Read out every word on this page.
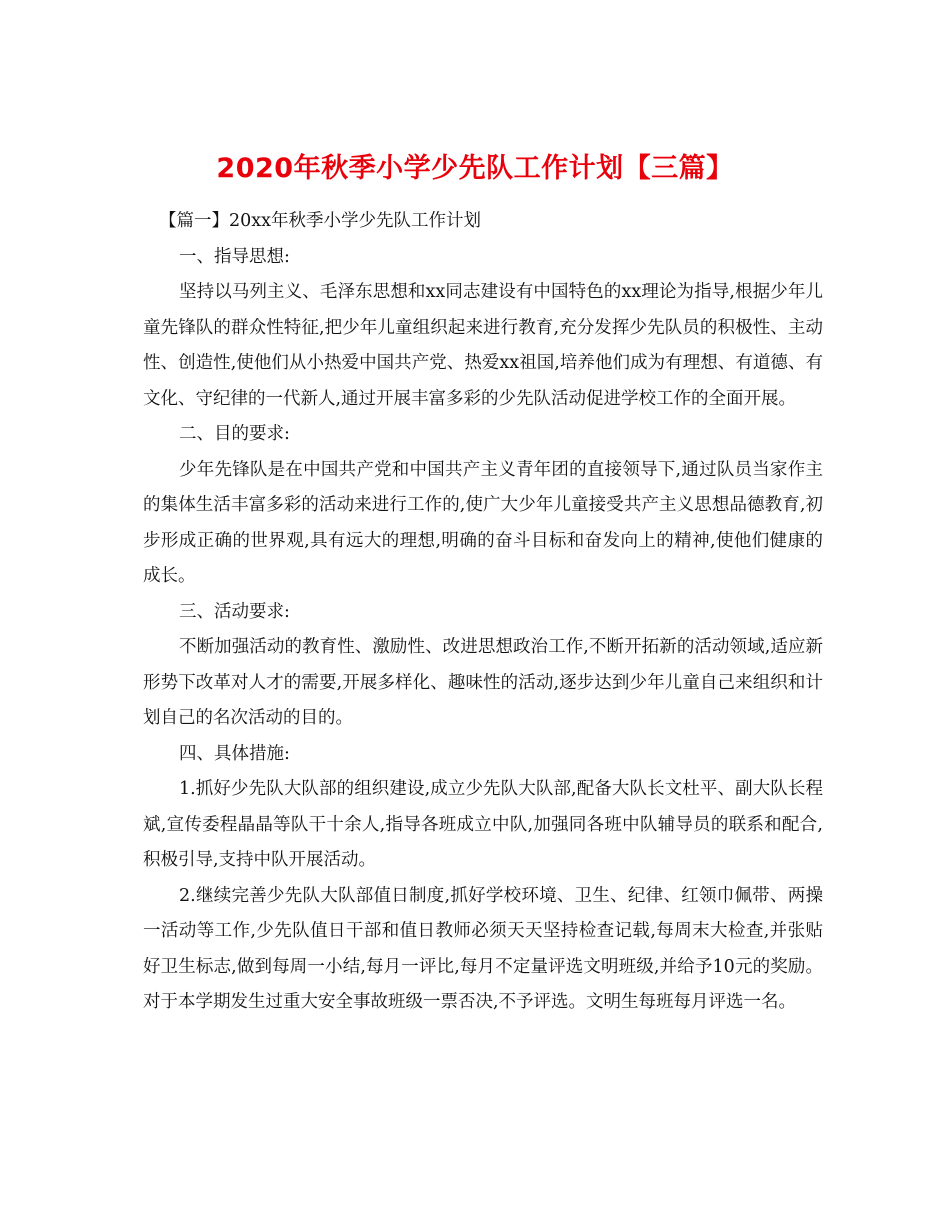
2020年秋季小学少先队工作计划【三篇】

【篇一】20xx年秋季小学少先队工作计划

一、指导思想:

坚持以马列主义、毛泽东思想和xx同志建设有中国特色的xx理论为指导,根据少年儿童先锋队的群众性特征,把少年儿童组织起来进行教育,充分发挥少先队员的积极性、主动性、创造性,使他们从小热爱中国共产党、热爱xx祖国,培养他们成为有理想、有道德、有文化、守纪律的一代新人,通过开展丰富多彩的少先队活动促进学校工作的全面开展。

二、目的要求:

少年先锋队是在中国共产党和中国共产主义青年团的直接领导下,通过队员当家作主的集体生活丰富多彩的活动来进行工作的,使广大少年儿童接受共产主义思想品德教育,初步形成正确的世界观,具有远大的理想,明确的奋斗目标和奋发向上的精神,使他们健康的成长。

三、活动要求:

不断加强活动的教育性、激励性、改进思想政治工作,不断开拓新的活动领域,适应新形势下改革对人才的需要,开展多样化、趣味性的活动,逐步达到少年儿童自己来组织和计划自己的名次活动的目的。

四、具体措施:

1.抓好少先队大队部的组织建设,成立少先队大队部,配备大队长文杜平、副大队长程斌,宣传委程晶晶等队干十余人,指导各班成立中队,加强同各班中队辅导员的联系和配合,积极引导,支持中队开展活动。

2.继续完善少先队大队部值日制度,抓好学校环境、卫生、纪律、红领巾佩带、两操一活动等工作,少先队值日干部和值日教师必须天天坚持检查记载,每周末大检查,并张贴好卫生标志,做到每周一小结,每月一评比,每月不定量评选文明班级,并给予10元的奖励。对于本学期发生过重大安全事故班级一票否决,不予评选。文明生每班每月评选一名。
